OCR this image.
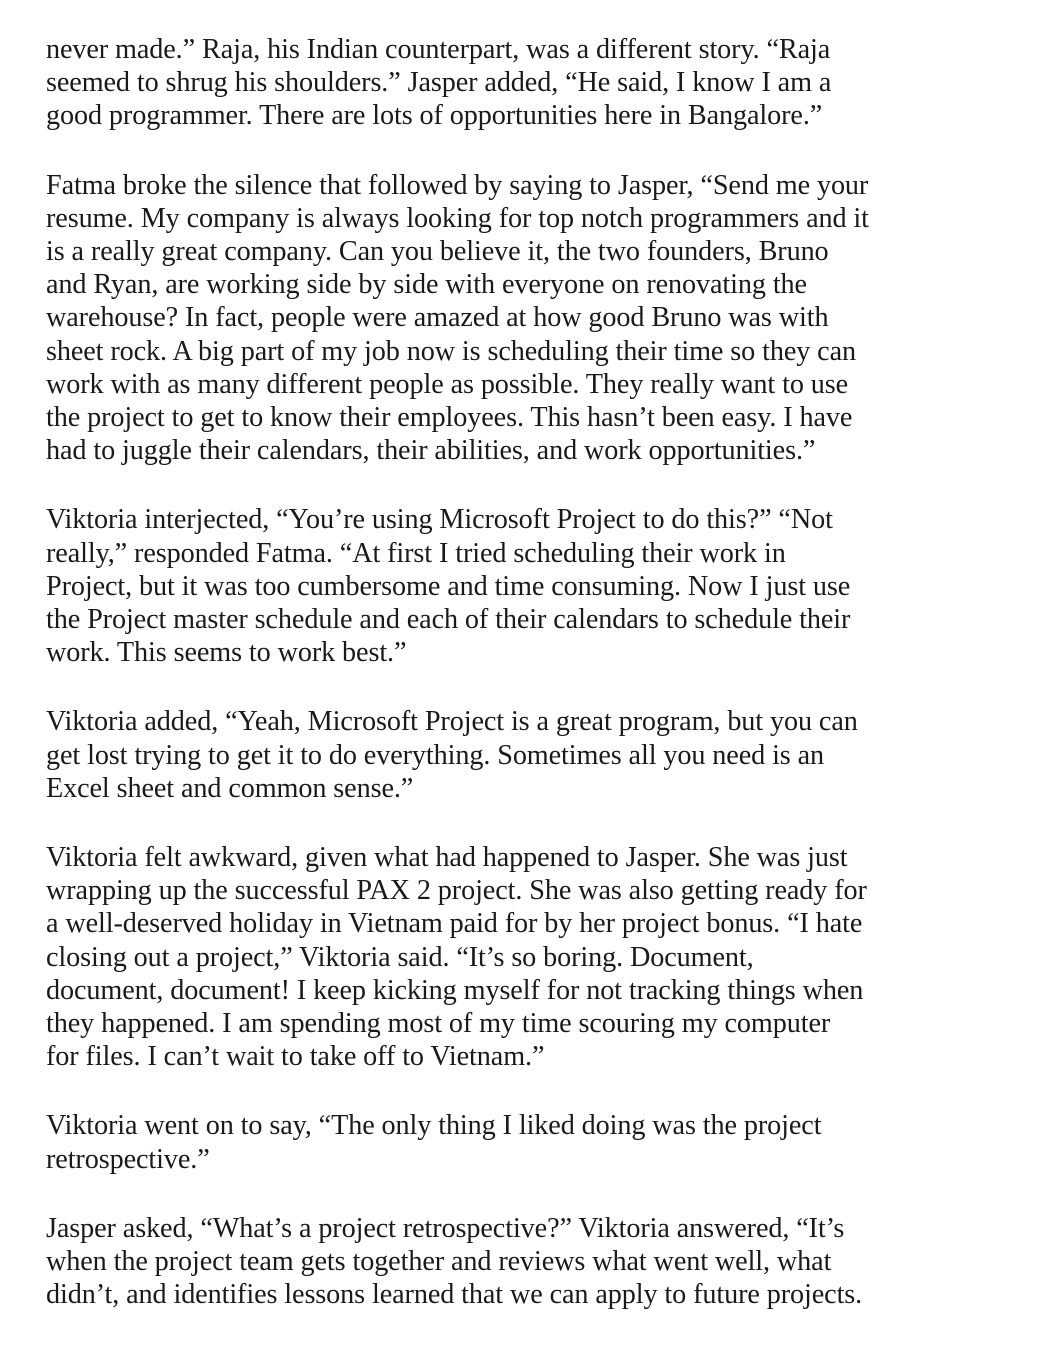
never made.” Raja, his Indian counterpart, was a different story. “Raja
seemed to shrug his shoulders.” Jasper added, “He said, I know I am a
good programmer. There are lots of opportunities here in Bangalore.”

Fatma broke the silence that followed by saying to Jasper, “Send me your
resume. My company is always looking for top notch programmers and it
is a really great company. Can you believe it, the two founders, Bruno
and Ryan, are working side by side with everyone on renovating the
warehouse? In fact, people were amazed at how good Bruno was with
sheet rock. A big part of my job now is scheduling their time so they can
work with as many different people as possible. They really want to use
the project to get to know their employees. This hasn’t been easy. I have
had to juggle their calendars, their abilities, and work opportunities.”

Viktoria interjected, “You’re using Microsoft Project to do this?” “Not
really,” responded Fatma. “At first I tried scheduling their work in
Project, but it was too cumbersome and time consuming. Now I just use
the Project master schedule and each of their calendars to schedule their
work. This seems to work best.”

Viktoria added, “Yeah, Microsoft Project is a great program, but you can
get lost trying to get it to do everything. Sometimes all you need is an
Excel sheet and common sense.”

Viktoria felt awkward, given what had happened to Jasper. She was just
wrapping up the successful PAX 2 project. She was also getting ready for
a well-deserved holiday in Vietnam paid for by her project bonus. “I hate
closing out a project,” Viktoria said. “It’s so boring. Document,
document, document! I keep kicking myself for not tracking things when
they happened. I am spending most of my time scouring my computer
for files. I can’t wait to take off to Vietnam.”

Viktoria went on to say, “The only thing I liked doing was the project
retrospective.”

Jasper asked, “What’s a project retrospective?” Viktoria answered, “It’s
when the project team gets together and reviews what went well, what
didn’t, and identifies lessons learned that we can apply to future projects.
